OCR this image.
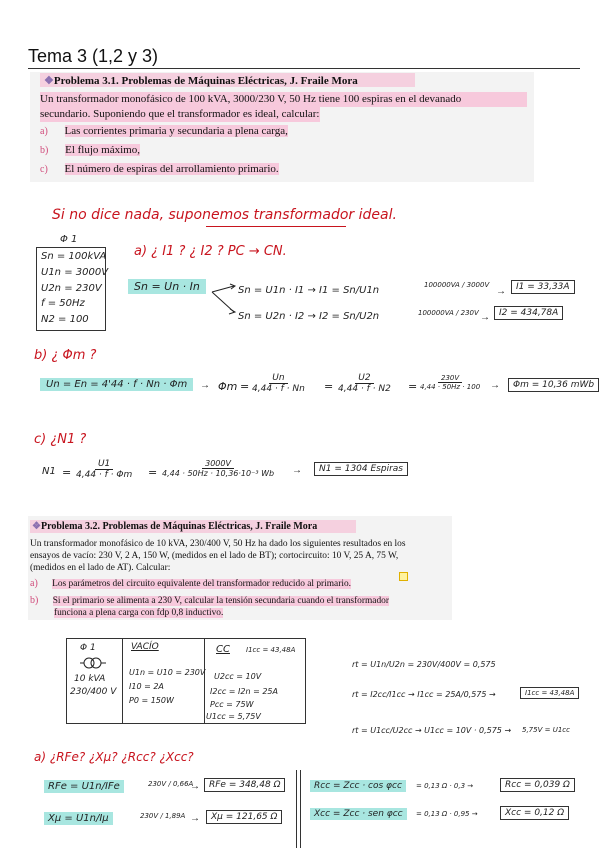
Tema 3 (1,2 y 3)
❖Problema 3.1. Problemas de Máquinas Eléctricas, J. Fraile Mora
Un transformador monofásico de 100 kVA, 3000/230 V, 50 Hz tiene 100 espiras en el devanado
secundario. Suponiendo que el transformador es ideal, calcular:
a) Las corrientes primaria y secundaria a plena carga,
b) El flujo máximo,
c) El número de espiras del arrollamiento primario.
Si no dice nada, suponemos transformador ideal.
Φ 1
Sn = 100kVA
U1n = 3000V
U2n = 230V
f = 50Hz
N2 = 100
a) ¿ I1 ? ¿ I2 ? PC → CN.
Sn = Un · In	Sn = U1n · I1 → I1 = Sn/U1n	100000VA / 3000V
→	I1 = 33,33A
Sn = U2n · I2 → I2 = Sn/U2n	100000VA / 230V →	I2 = 434,78A
b) ¿ Φm ?
Un = En = 4'44 · f · Nn · Φm	→ $\Phi m = \frac{Un}{4,44 \cdot f \cdot Nn} = \frac{U2}{4,44 \cdot f \cdot N2} = \frac{230V}{4,44 \cdot 50Hz \cdot 100}$ →	Φm = 10,36 mWb
c) ¿N1 ?
$N1 = \frac{U1}{4,44 \cdot f \cdot \Phi m} = \frac{3000V}{\text{4,44 · 50Hz · 10,36·10⁻³ Wb}}$ →	N1 = 1304 Espiras
❖Problema 3.2. Problemas de Máquinas Eléctricas, J. Fraile Mora
Un transformador monofásico de 10 kVA, 230/400 V, 50 Hz ha dado los siguientes resultados en los
ensayos de vacío: 230 V, 2 A, 150 W, (medidos en el lado de BT); cortocircuito: 10 V, 25 A, 75 W,
(medidos en el lado de AT). Calcular:
a) Los parámetros del circuito equivalente del transformador reducido al primario.
b) Si el primario se alimenta a 230 V, calcular la tensión secundaria cuando el transformador
funciona a plena carga con fdp 0,8 inductivo.
Φ 1
10 kVA
230/400 V
VACÍO
U1n = U10 = 230V
I10 = 2A
P0 = 150W
CC I1cc = 43,48A
U2cc = 10V
I2cc = I2n = 25A
Pcc = 75W
U1cc = 5,75V
rt = U1n/U2n = 230V/400V = 0,575
rt = I2cc/I1cc → I1cc = 25A/0,575 →	I1cc = 43,48A
rt = U1cc/U2cc → U1cc = 10V · 0,575 → 5,75V = U1cc
a) ¿RFe? ¿Xμ? ¿Rcc? ¿Xcc?
RFe = U1n/IFe	230V / 0,66A
→	RFe = 348,48 Ω
Xμ = U1n/Iμ	230V / 1,89A →	Xμ = 121,65 Ω
Rcc = Zcc · cos φcc	= 0,13 Ω · 0,3 →	Rcc = 0,039 Ω
Xcc = Zcc · sen φcc	= 0,13 Ω · 0,95 →	Xcc = 0,12 Ω
